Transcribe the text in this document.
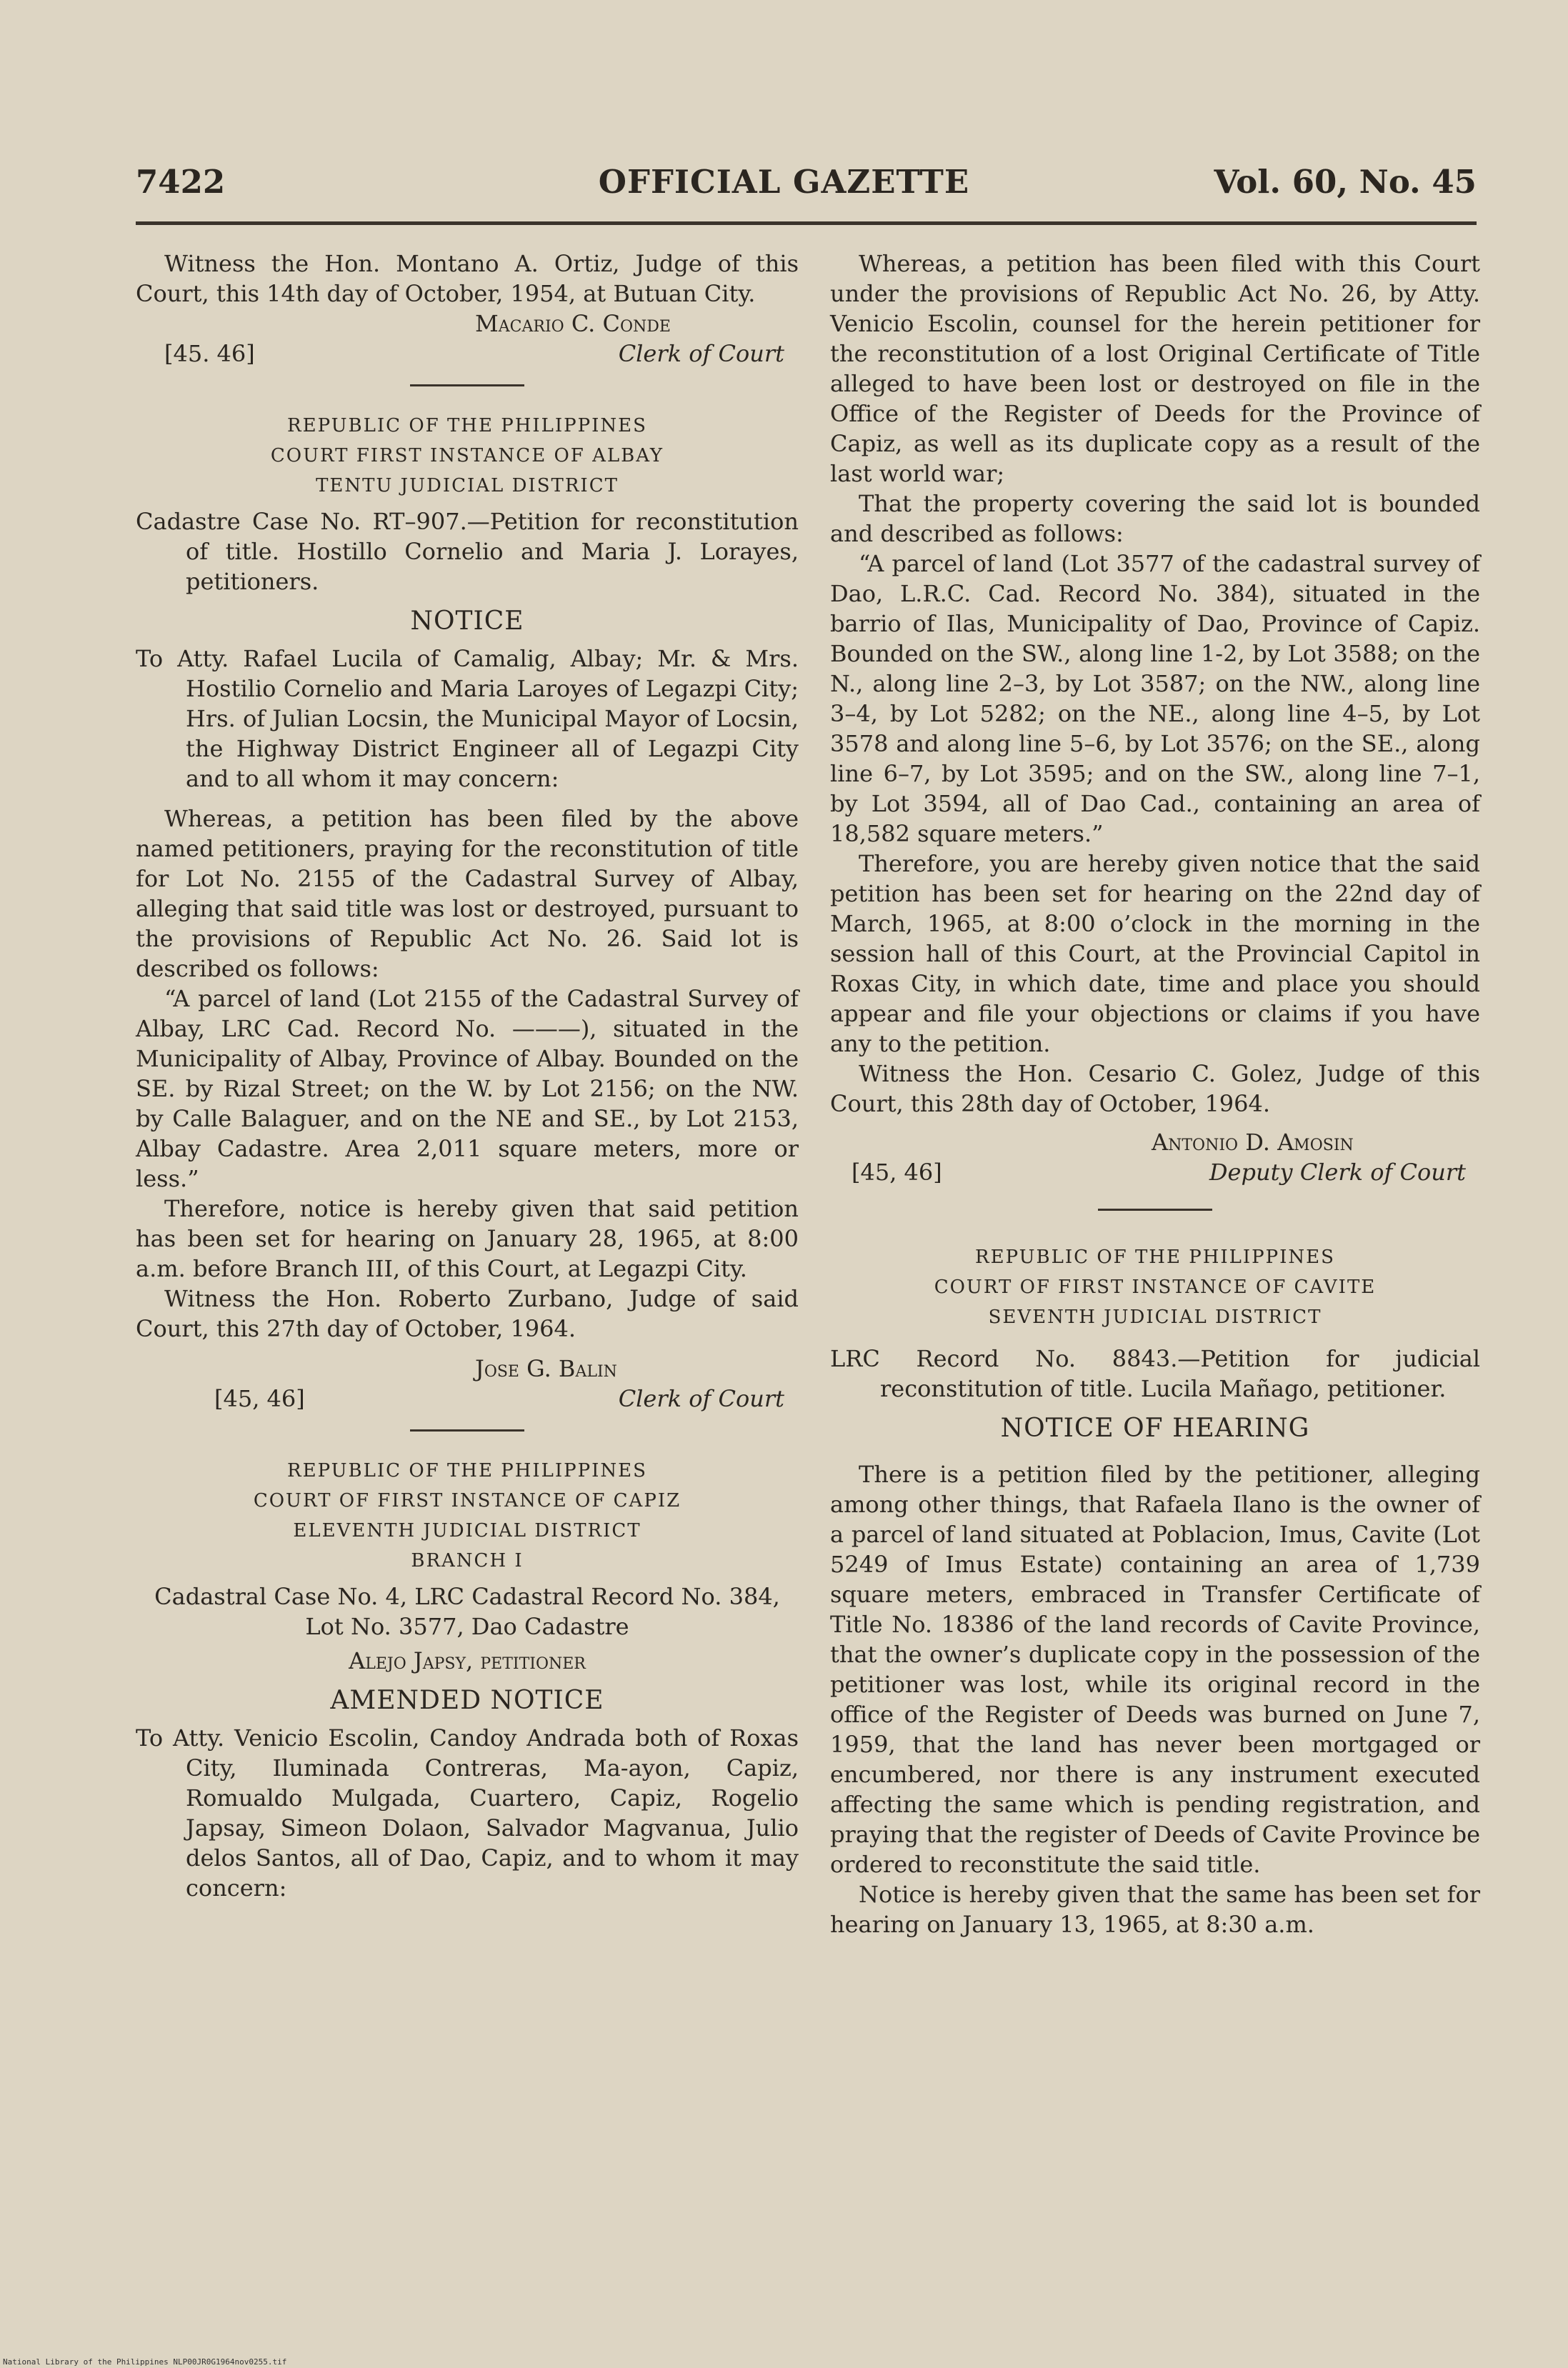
OFFICIAL GAZETTE
7422	Vol. 60, No. 45

Witness the Hon. Montano A. Ortiz, Judge of this Court, this 14th day of October, 1954, at Butuan City.

Macario C. Conde
[45. 46]	Clerk of Court
REPUBLIC OF THE PHILIPPINES
COURT FIRST INSTANCE OF ALBAY
TENTU JUDICIAL DISTRICT

Cadastre Case No. RT–907.—Petition for reconstitution of title. Hostillo Cornelio and Maria J. Lorayes, petitioners.

NOTICE

To Atty. Rafael Lucila of Camalig, Albay; Mr. & Mrs. Hostilio Cornelio and Maria Laroyes of Legazpi City; Hrs. of Julian Locsin, the Municipal Mayor of Locsin, the Highway District Engineer all of Legazpi City and to all whom it may concern:

Whereas, a petition has been filed by the above named petitioners, praying for the reconstitution of title for Lot No. 2155 of the Cadastral Survey of Albay, alleging that said title was lost or destroyed, pursuant to the provisions of Republic Act No. 26. Said lot is described os follows:

“A parcel of land (Lot 2155 of the Cadastral Survey of Albay, LRC Cad. Record No. ———), situated in the Municipality of Albay, Province of Albay. Bounded on the SE. by Rizal Street; on the W. by Lot 2156; on the NW. by Calle Balaguer, and on the NE and SE., by Lot 2153, Albay Cadastre. Area 2,011 square meters, more or less.”

Therefore, notice is hereby given that said petition has been set for hearing on January 28, 1965, at 8:00 a.m. before Branch III, of this Court, at Legazpi City.

Witness the Hon. Roberto Zurbano, Judge of said Court, this 27th day of October, 1964.

Jose G. Balin
[45, 46]	Clerk of Court
REPUBLIC OF THE PHILIPPINES
COURT OF FIRST INSTANCE OF CAPIZ
ELEVENTH JUDICIAL DISTRICT
BRANCH I

Cadastral Case No. 4, LRC Cadastral Record No. 384, Lot No. 3577, Dao Cadastre

Alejo Japsy, petitioner

AMENDED NOTICE

To Atty. Venicio Escolin, Candoy Andrada both of Roxas City, Iluminada Contreras, Ma-ayon, Capiz, Romualdo Mulgada, Cuartero, Capiz, Rogelio Japsay, Simeon Dolaon, Salvador Magvanua, Julio delos Santos, all of Dao, Capiz, and to whom it may concern:

Whereas, a petition has been filed with this Court under the provisions of Republic Act No. 26, by Atty. Venicio Escolin, counsel for the herein petitioner for the reconstitution of a lost Original Certificate of Title alleged to have been lost or destroyed on file in the Office of the Register of Deeds for the Province of Capiz, as well as its duplicate copy as a result of the last world war;

That the property covering the said lot is bounded and described as follows:

“A parcel of land (Lot 3577 of the cadastral survey of Dao, L.R.C. Cad. Record No. 384), situated in the barrio of Ilas, Municipality of Dao, Province of Capiz. Bounded on the SW., along line 1-2, by Lot 3588; on the N., along line 2–3, by Lot 3587; on the NW., along line 3–4, by Lot 5282; on the NE., along line 4–5, by Lot 3578 and along line 5–6, by Lot 3576; on the SE., along line 6–7, by Lot 3595; and on the SW., along line 7–1, by Lot 3594, all of Dao Cad., containing an area of 18,582 square meters.”

Therefore, you are hereby given notice that the said petition has been set for hearing on the 22nd day of March, 1965, at 8:00 o’clock in the morning in the session hall of this Court, at the Provincial Capitol in Roxas City, in which date, time and place you should appear and file your objections or claims if you have any to the petition.

Witness the Hon. Cesario C. Golez, Judge of this Court, this 28th day of October, 1964.

Antonio D. Amosin
[45, 46]	Deputy Clerk of Court
REPUBLIC OF THE PHILIPPINES
COURT OF FIRST INSTANCE OF CAVITE
SEVENTH JUDICIAL DISTRICT

LRC Record No. 8843.—Petition for judicial reconstitution of title. Lucila Mañago, petitioner.

NOTICE OF HEARING

There is a petition filed by the petitioner, alleging among other things, that Rafaela Ilano is the owner of a parcel of land situated at Poblacion, Imus, Cavite (Lot 5249 of Imus Estate) containing an area of 1,739 square meters, embraced in Transfer Certificate of Title No. 18386 of the land records of Cavite Province, that the owner’s duplicate copy in the possession of the petitioner was lost, while its original record in the office of the Register of Deeds was burned on June 7, 1959, that the land has never been mortgaged or encumbered, nor there is any instrument executed affecting the same which is pending registration, and praying that the register of Deeds of Cavite Province be ordered to reconstitute the said title.

Notice is hereby given that the same has been set for hearing on January 13, 1965, at 8:30 a.m.

National Library of the Philippines NLP00JR0G1964nov0255.tif
